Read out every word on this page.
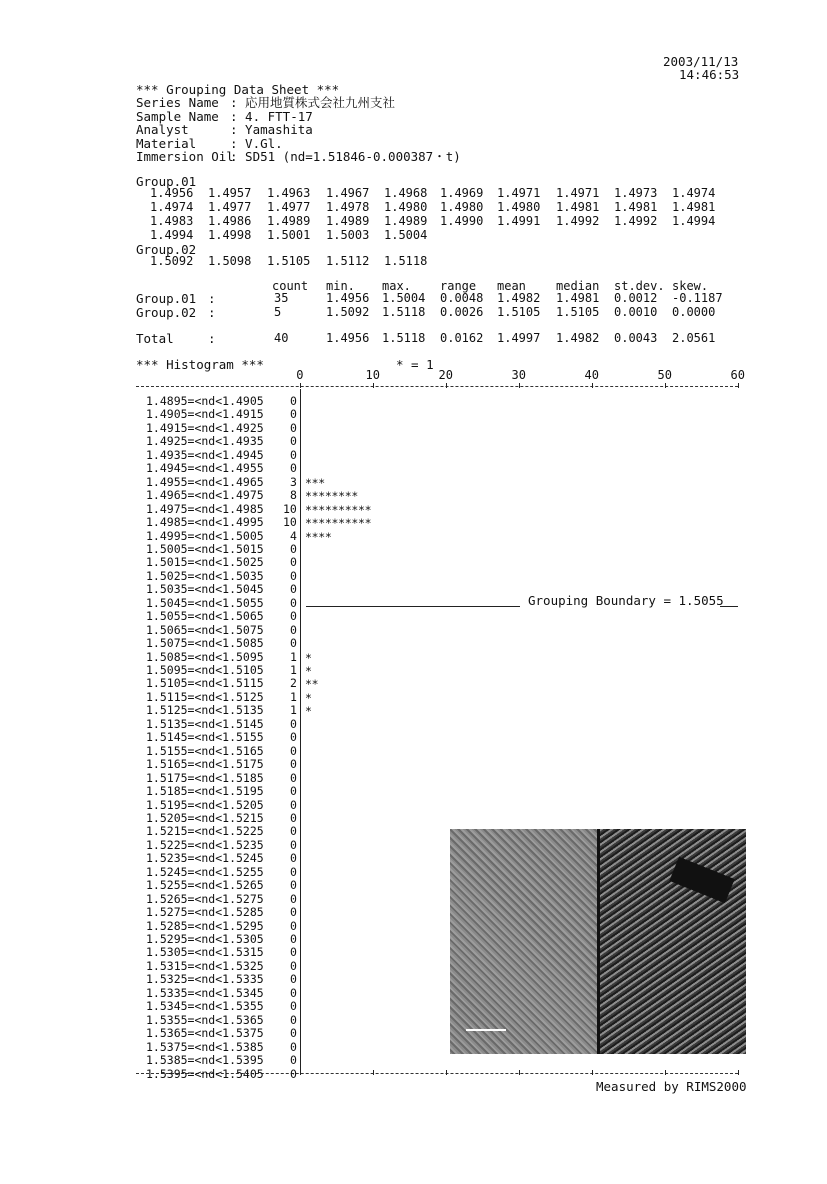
2003/11/13
14:46:53
*** Grouping Data Sheet ***
Series Name : 応用地質株式会社九州支社
Sample Name : 4. FTT-17
Analyst	: Yamashita
Material	: V.Gl.
Immersion Oil
: SD51 (nd=1.51846-0.000387・t)
Group.01
1.4956 1.4957 1.4963 1.4967 1.4968 1.4969 1.4971 1.4971 1.4973 1.4974
1.4974 1.4977 1.4977 1.4978 1.4980 1.4980 1.4980 1.4981 1.4981 1.4981
1.4983 1.4986 1.4989 1.4989 1.4989 1.4990 1.4991 1.4992 1.4992 1.4994
1.4994 1.4998 1.5001 1.5003 1.5004
Group.02
1.5092 1.5098 1.5105 1.5112 1.5118
count min. max. range mean	median st.dev. skew.
Group.01 :	35	1.4956 1.5004 0.0048 1.4982 1.4981 0.0012 -0.1187
Group.02 :	5	1.5092 1.5118 0.0026 1.5105 1.5105 0.0010 0.0000
Total	:	40	1.4956 1.5118 0.0162 1.4997 1.4982 0.0043 2.0561
*** Histogram ***	* = 1
0	10	20	30	40	50	60
1.4895=<nd<1.4905 0
1.4905=<nd<1.4915 0
1.4915=<nd<1.4925 0
1.4925=<nd<1.4935 0
1.4935=<nd<1.4945 0
1.4945=<nd<1.4955 0
1.4955=<nd<1.4965 3 ***
1.4965=<nd<1.4975 8 ********
1.4975=<nd<1.4985 10 **********
1.4985=<nd<1.4995 10 **********
1.4995=<nd<1.5005 4 ****
1.5005=<nd<1.5015 0
1.5015=<nd<1.5025 0
1.5025=<nd<1.5035 0
1.5035=<nd<1.5045 0
1.5045=<nd<1.5055 0
1.5055=<nd<1.5065 0
1.5065=<nd<1.5075 0
1.5075=<nd<1.5085 0
1.5085=<nd<1.5095 1 *
1.5095=<nd<1.5105 1 *
1.5105=<nd<1.5115 2 **
1.5115=<nd<1.5125 1 *
1.5125=<nd<1.5135 1 *
1.5135=<nd<1.5145 0
1.5145=<nd<1.5155 0
1.5155=<nd<1.5165 0
1.5165=<nd<1.5175 0
1.5175=<nd<1.5185 0
1.5185=<nd<1.5195 0
1.5195=<nd<1.5205 0
1.5205=<nd<1.5215 0
1.5215=<nd<1.5225 0
1.5225=<nd<1.5235 0
1.5235=<nd<1.5245 0
1.5245=<nd<1.5255 0
1.5255=<nd<1.5265 0
1.5265=<nd<1.5275 0
1.5275=<nd<1.5285 0
1.5285=<nd<1.5295 0
1.5295=<nd<1.5305 0
1.5305=<nd<1.5315 0
1.5315=<nd<1.5325 0
1.5325=<nd<1.5335 0
1.5335=<nd<1.5345 0
1.5345=<nd<1.5355 0
1.5355=<nd<1.5365 0
1.5365=<nd<1.5375 0
1.5375=<nd<1.5385 0
1.5385=<nd<1.5395 0
1.5395=<nd<1.5405 0
Grouping Boundary = 1.5055
Measured by RIMS2000
